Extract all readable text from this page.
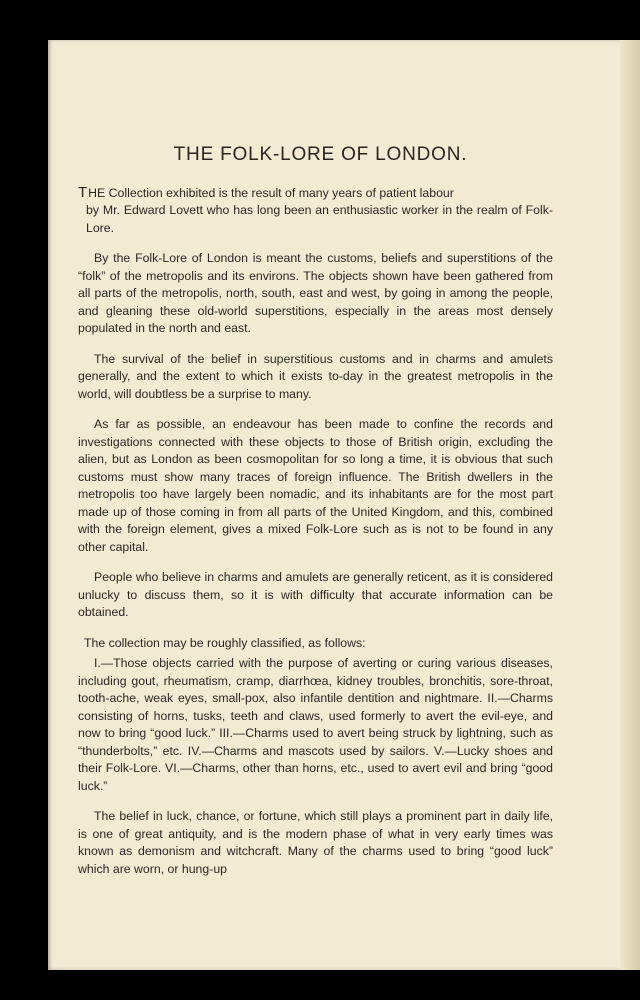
THE FOLK-LORE OF LONDON.

THE Collection exhibited is the result of many years of patient labour
by Mr. Edward Lovett who has long been an enthusiastic worker in the realm of Folk-Lore.

By the Folk-Lore of London is meant the customs, beliefs and superstitions of the “folk” of the metropolis and its environs. The objects shown have been gathered from all parts of the metropolis, north, south, east and west, by going in among the people, and gleaning these old-world superstitions, especially in the areas most densely populated in the north and east.

The survival of the belief in superstitious customs and in charms and amulets generally, and the extent to which it exists to-day in the greatest metropolis in the world, will doubtless be a surprise to many.

As far as possible, an endeavour has been made to confine the records and investigations connected with these objects to those of British origin, excluding the alien, but as London as been cosmopolitan for so long a time, it is obvious that such customs must show many traces of foreign influence. The British dwellers in the metropolis too have largely been nomadic, and its inhabitants are for the most part made up of those coming in from all parts of the United Kingdom, and this, combined with the foreign element, gives a mixed Folk-Lore such as is not to be found in any other capital.

People who believe in charms and amulets are generally reticent, as it is considered unlucky to discuss them, so it is with difficulty that accurate information can be obtained.

The collection may be roughly classified, as follows:

I.—Those objects carried with the purpose of averting or curing various diseases, including gout, rheumatism, cramp, diarrhœa, kidney troubles, bronchitis, sore-throat, tooth-ache, weak eyes, small-pox, also infantile dentition and nightmare. II.—Charms consisting of horns, tusks, teeth and claws, used formerly to avert the evil-eye, and now to bring “good luck.” III.—Charms used to avert being struck by lightning, such as “thunderbolts,” etc. IV.—Charms and mascots used by sailors. V.—Lucky shoes and their Folk-Lore. VI.—Charms, other than horns, etc., used to avert evil and bring “good luck.”

The belief in luck, chance, or fortune, which still plays a prominent part in daily life, is one of great antiquity, and is the modern phase of what in very early times was known as demonism and witchcraft. Many of the charms used to bring “good luck” which are worn, or hung-up
